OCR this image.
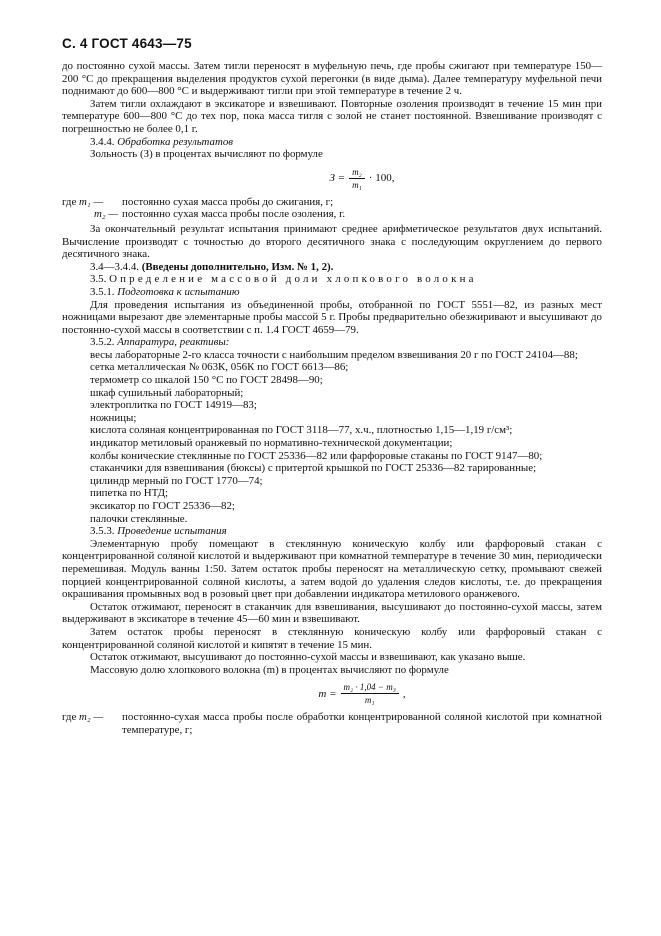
С. 4 ГОСТ 4643—75

до постоянно сухой массы. Затем тигли переносят в муфельную печь, где пробы сжигают при температуре 150—200 °С до прекращения выделения продуктов сухой перегонки (в виде дыма). Далее температуру муфельной печи поднимают до 600—800 °С и выдерживают тигли при этой температуре в течение 2 ч.

Затем тигли охлаждают в эксикаторе и взвешивают. Повторные озоления производят в течение 15 мин при температуре 600—800 °С до тех пор, пока масса тигля с золой не станет постоянной. Взвешивание производят с погрешностью не более 0,1 г.

3.4.4. Обработка результатов

Зольность (З) в процентах вычисляют по формуле

$З = \frac{\text{m₂}}{\text{m₁}} \cdot 100$,
где m₁ —	постоянно сухая масса пробы до сжигания, г;
m₂ — постоянно сухая масса пробы после озоления, г.

За окончательный результат испытания принимают среднее арифметическое результатов двух испытаний. Вычисление производят с точностью до второго десятичного знака с последующим округлением до первого десятичного знака.

3.4—3.4.4. (Введены дополнительно, Изм. № 1, 2).

3.5. Определение массовой доли хлопкового волокна

3.5.1. Подготовка к испытанию

Для проведения испытания из объединенной пробы, отобранной по ГОСТ 5551—82, из разных мест ножницами вырезают две элементарные пробы массой 5 г. Пробы предварительно обезжиривают и высушивают до постоянно-сухой массы в соответствии с п. 1.4 ГОСТ 4659—79.

3.5.2. Аппаратура, реактивы:

весы лабораторные 2-го класса точности с наибольшим пределом взвешивания 20 г по ГОСТ 24104—88;

сетка металлическая № 063К, 056К по ГОСТ 6613—86;

термометр со шкалой 150 °С по ГОСТ 28498—90;

шкаф сушильный лабораторный;

электроплитка по ГОСТ 14919—83;

ножницы;

кислота соляная концентрированная по ГОСТ 3118—77, х.ч., плотностью 1,15—1,19 г/см³;

индикатор метиловый оранжевый по нормативно-технической документации;

колбы конические стеклянные по ГОСТ 25336—82 или фарфоровые стаканы по ГОСТ 9147—80;

стаканчики для взвешивания (бюксы) с притертой крышкой по ГОСТ 25336—82 тарированные;

цилиндр мерный по ГОСТ 1770—74;

пипетка по НТД;

эксикатор по ГОСТ 25336—82;

палочки стеклянные.

3.5.3. Проведение испытания

Элементарную пробу помещают в стеклянную коническую колбу или фарфоровый стакан с концентрированной соляной кислотой и выдерживают при комнатной температуре в течение 30 мин, периодически перемешивая. Модуль ванны 1:50. Затем остаток пробы переносят на металлическую сетку, промывают свежей порцией концентрированной соляной кислоты, а затем водой до удаления следов кислоты, т.е. до прекращения окрашивания промывных вод в розовый цвет при добавлении индикатора метилового оранжевого.

Остаток отжимают, переносят в стаканчик для взвешивания, высушивают до постоянно-сухой массы, затем выдерживают в эксикаторе в течение 45—60 мин и взвешивают.

Затем остаток пробы переносят в стеклянную коническую колбу или фарфоровый стакан с концентрированной соляной кислотой и кипятят в течение 15 мин.

Остаток отжимают, высушивают до постоянно-сухой массы и взвешивают, как указано выше.

Массовую долю хлопкового волокна (m) в процентах вычисляют по формуле

$m = \frac{\text{m₂ · 1,04 − m₃}}{\text{m₁}}$ ,
где m₂ —	постоянно-сухая масса пробы после обработки концентрированной соляной кислотой при комнатной температуре, г;
